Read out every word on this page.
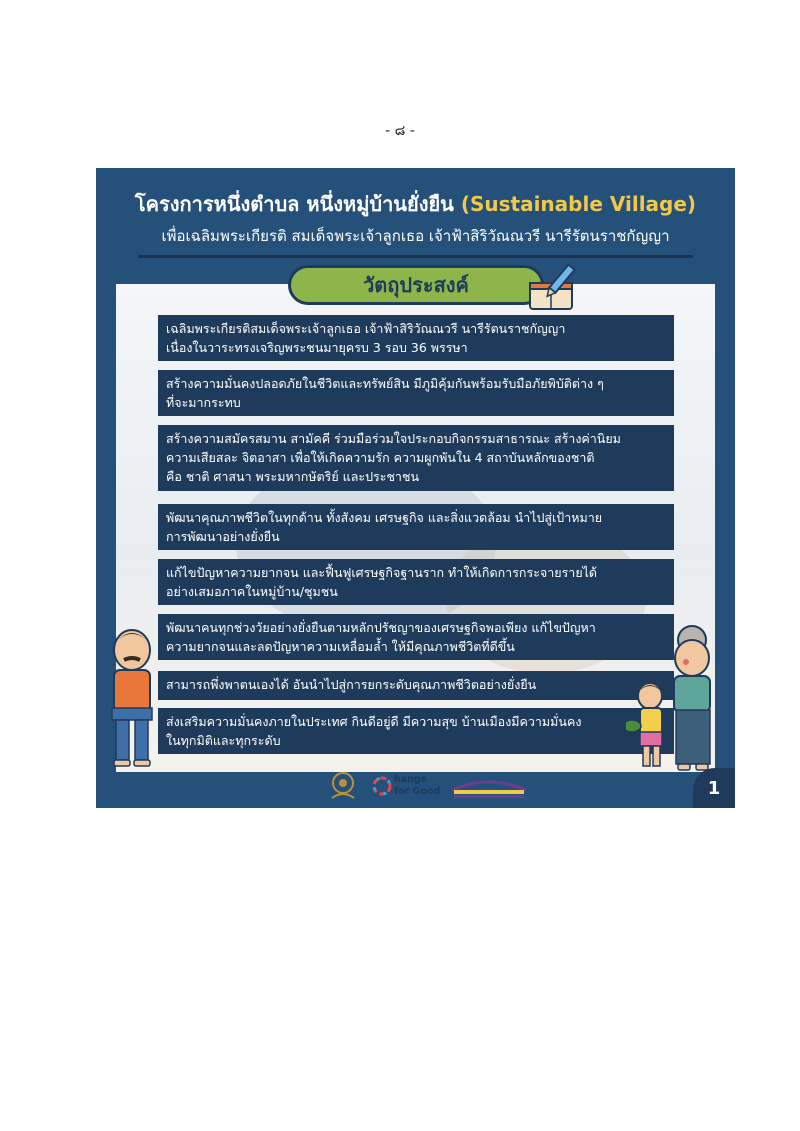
- ๘ -
โครงการหนึ่งตำบล หนึ่งหมู่บ้านยั่งยืน (Sustainable Village)
เพื่อเฉลิมพระเกียรติ สมเด็จพระเจ้าลูกเธอ เจ้าฟ้าสิริวัณณวรี นารีรัตนราชกัญญา
วัตถุประสงค์
เฉลิมพระเกียรติสมเด็จพระเจ้าลูกเธอ เจ้าฟ้าสิริวัณณวรี นารีรัตนราชกัญญา
เนื่องในวาระทรงเจริญพระชนมายุครบ 3 รอบ 36 พรรษา
สร้างความมั่นคงปลอดภัยในชีวิตและทรัพย์สิน มีภูมิคุ้มกันพร้อมรับมือภัยพิบัติต่าง ๆ
ที่จะมากระทบ
สร้างความสมัครสมาน สามัคคี ร่วมมือร่วมใจประกอบกิจกรรมสาธารณะ สร้างค่านิยม
ความเสียสละ จิตอาสา เพื่อให้เกิดความรัก ความผูกพันใน 4 สถาบันหลักของชาติ
คือ ชาติ ศาสนา พระมหากษัตริย์ และประชาชน
พัฒนาคุณภาพชีวิตในทุกด้าน ทั้งสังคม เศรษฐกิจ และสิ่งแวดล้อม นำไปสู่เป้าหมาย
การพัฒนาอย่างยั่งยืน
แก้ไขปัญหาความยากจน และฟื้นฟูเศรษฐกิจฐานราก ทำให้เกิดการกระจายรายได้
อย่างเสมอภาคในหมู่บ้าน/ชุมชน
พัฒนาคนทุกช่วงวัยอย่างยั่งยืนตามหลักปรัชญาของเศรษฐกิจพอเพียง แก้ไขปัญหา
ความยากจนและลดปัญหาความเหลื่อมล้ำ ให้มีคุณภาพชีวิตที่ดีขึ้น
สามารถพึ่งพาตนเองได้ อันนำไปสู่การยกระดับคุณภาพชีวิตอย่างยั่งยืน
ส่งเสริมความมั่นคงภายในประเทศ กินดีอยู่ดี มีความสุข บ้านเมืองมีความมั่นคง
ในทุกมิติและทุกระดับ
hange
for Good	1
